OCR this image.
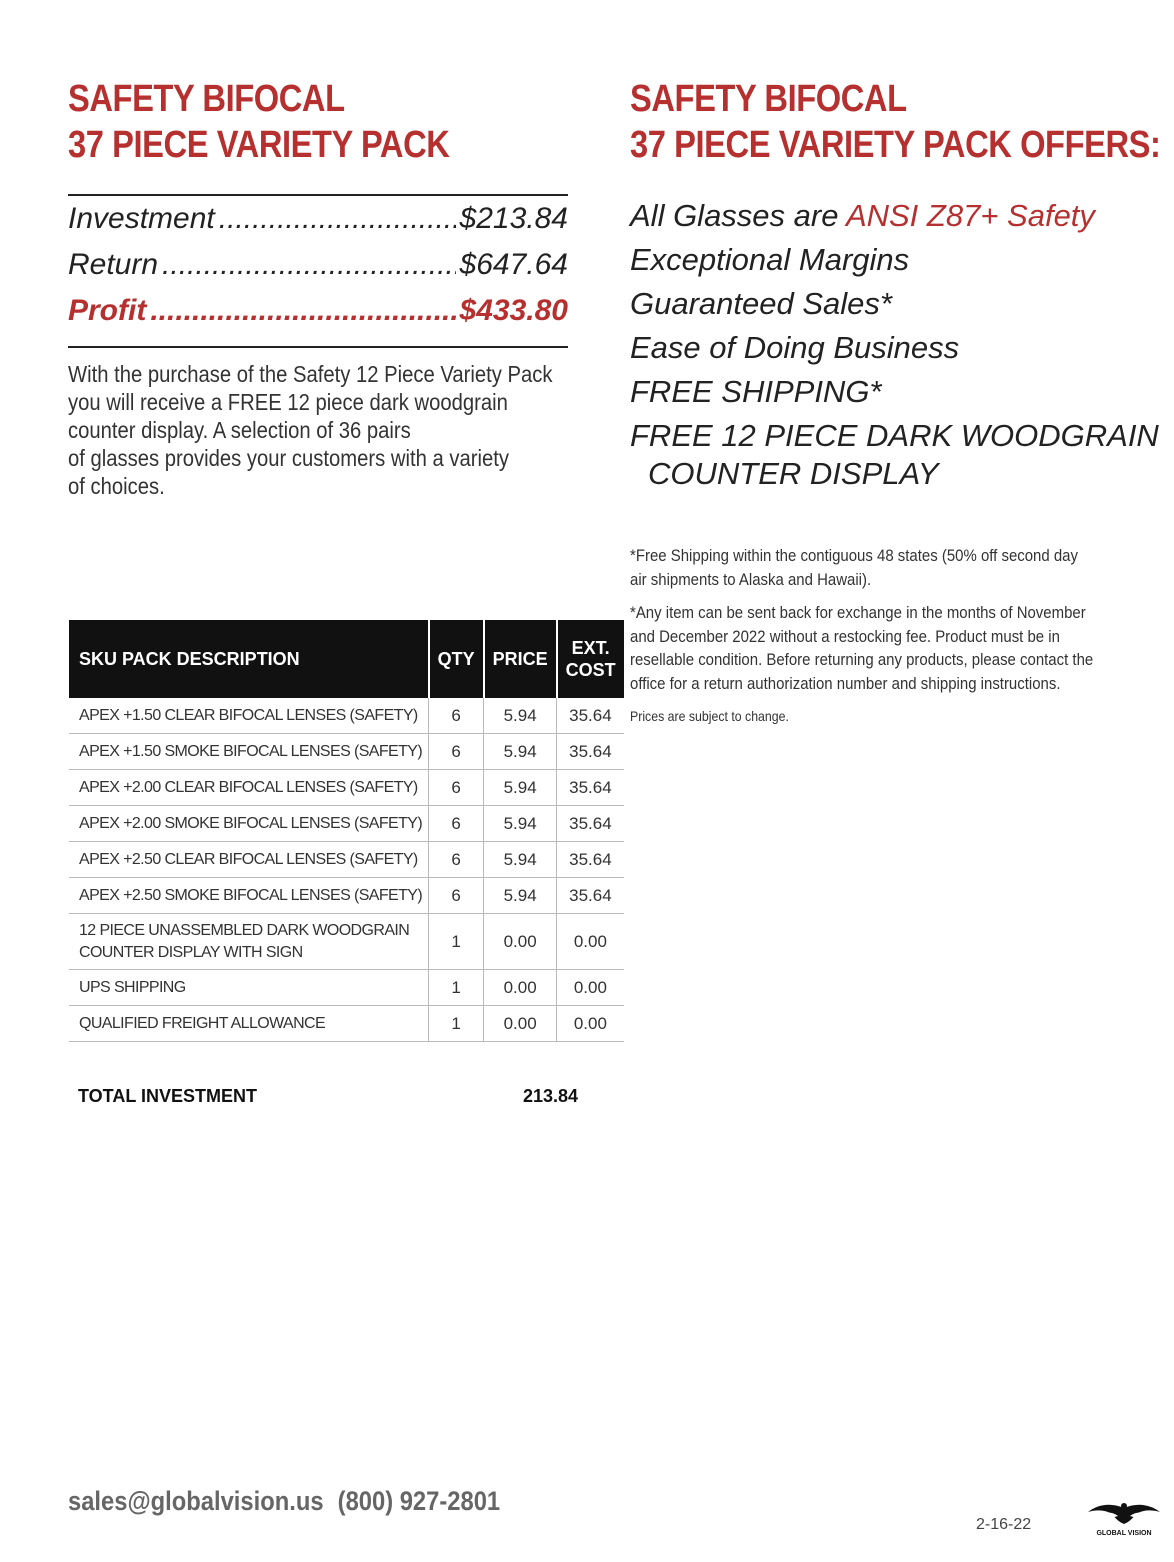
SAFETY BIFOCAL
37 PIECE VARIETY PACK
Investment .....	$213.84
Return .....	$647.64
Profit .....	$433.80
With the purchase of the Safety 12 Piece Variety Pack
you will receive a FREE 12 piece dark woodgrain
counter display. A selection of 36 pairs
of glasses provides your customers with a variety
of choices.
SKU PACK DESCRIPTION	QTY	PRICE	EXT.
COST

APEX +1.50 CLEAR BIFOCAL LENSES (SAFETY)	6	5.94	35.64
APEX +1.50 SMOKE BIFOCAL LENSES (SAFETY)	6	5.94	35.64
APEX +2.00 CLEAR BIFOCAL LENSES (SAFETY)	6	5.94	35.64
APEX +2.00 SMOKE BIFOCAL LENSES (SAFETY)	6	5.94	35.64
APEX +2.50 CLEAR BIFOCAL LENSES (SAFETY)	6	5.94	35.64
APEX +2.50 SMOKE BIFOCAL LENSES (SAFETY)	6	5.94	35.64

12 PIECE UNASSEMBLED DARK WOODGRAIN
COUNTER DISPLAY WITH SIGN	1	0.00	0.00
UPS SHIPPING	1	0.00	0.00
QUALIFIED FREIGHT ALLOWANCE	1	0.00	0.00
TOTAL INVESTMENT	213.84
SAFETY BIFOCAL
37 PIECE VARIETY PACK OFFERS:
All Glasses are ANSI Z87+ Safety
Exceptional Margins
Guaranteed Sales*
Ease of Doing Business
FREE SHIPPING*
FREE 12 PIECE DARK WOODGRAIN
COUNTER DISPLAY

*Free Shipping within the contiguous 48 states (50% off second day
air shipments to Alaska and Hawaii).

*Any item can be sent back for exchange in the months of November
and December 2022 without a restocking fee. Product must be in
resellable condition. Before returning any products, please contact the
office for a return authorization number and shipping instructions.

Prices are subject to change.

sales@globalvision.us (800) 927-2801
2-16-22
GLOBAL VISION
